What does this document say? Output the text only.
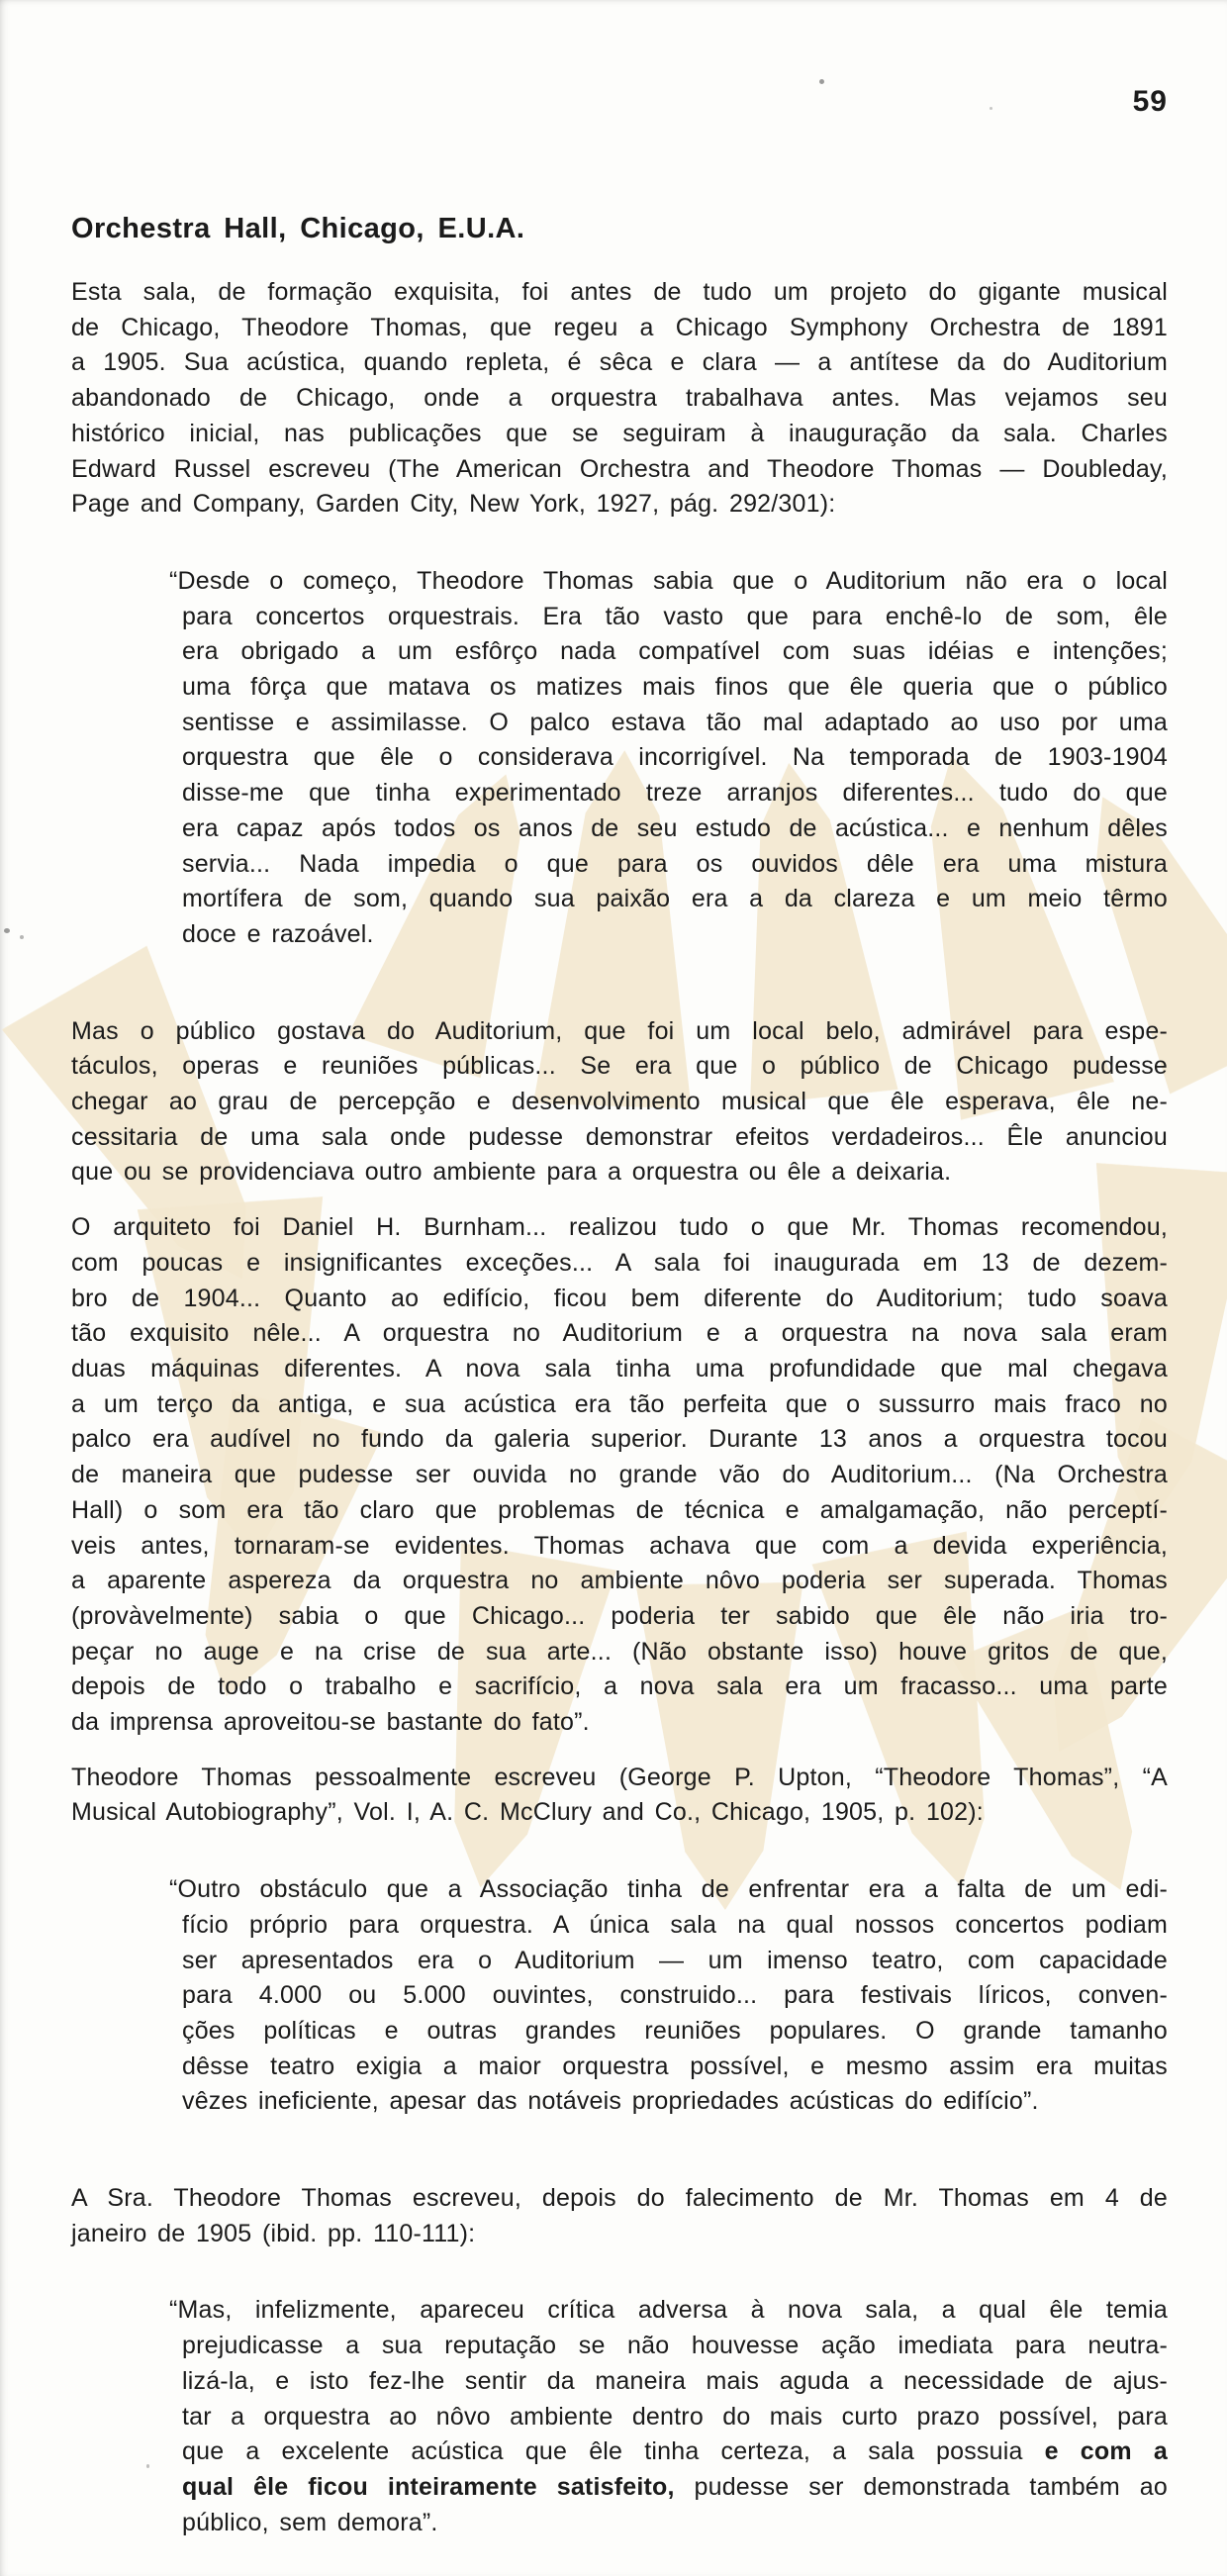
59
Orchestra Hall, Chicago, E.U.A.
Esta sala, de formação exquisita, foi antes de tudo um projeto do gigante musical
de Chicago, Theodore Thomas, que regeu a Chicago Symphony Orchestra de 1891
a 1905. Sua acústica, quando repleta, é sêca e clara — a antítese da do Auditorium
abandonado de Chicago, onde a orquestra trabalhava antes. Mas vejamos seu
histórico inicial, nas publicações que se seguiram à inauguração da sala. Charles
Edward Russel escreveu (The American Orchestra and Theodore Thomas — Doubleday,
Page and Company, Garden City, New York, 1927, pág. 292/301):
“Desde o começo, Theodore Thomas sabia que o Auditorium não era o local
para concertos orquestrais. Era tão vasto que para enchê-lo de som, êle
era obrigado a um esfôrço nada compatível com suas idéias e intenções;
uma fôrça que matava os matizes mais finos que êle queria que o público
sentisse e assimilasse. O palco estava tão mal adaptado ao uso por uma
orquestra que êle o considerava incorrigível. Na temporada de 1903-1904
disse-me que tinha experimentado treze arranjos diferentes... tudo do que
era capaz após todos os anos de seu estudo de acústica... e nenhum dêles
servia... Nada impedia o que para os ouvidos dêle era uma mistura
mortífera de som, quando sua paixão era a da clareza e um meio têrmo
doce e razoável.
Mas o público gostava do Auditorium, que foi um local belo, admirável para espe-
táculos, operas e reuniões públicas... Se era que o público de Chicago pudesse
chegar ao grau de percepção e desenvolvimento musical que êle esperava, êle ne-
cessitaria de uma sala onde pudesse demonstrar efeitos verdadeiros... Êle anunciou
que ou se providenciava outro ambiente para a orquestra ou êle a deixaria.
O arquiteto foi Daniel H. Burnham... realizou tudo o que Mr. Thomas recomendou,
com poucas e insignificantes exceções... A sala foi inaugurada em 13 de dezem-
bro de 1904... Quanto ao edifício, ficou bem diferente do Auditorium; tudo soava
tão exquisito nêle... A orquestra no Auditorium e a orquestra na nova sala eram
duas máquinas diferentes. A nova sala tinha uma profundidade que mal chegava
a um terço da antiga, e sua acústica era tão perfeita que o sussurro mais fraco no
palco era audível no fundo da galeria superior. Durante 13 anos a orquestra tocou
de maneira que pudesse ser ouvida no grande vão do Auditorium... (Na Orchestra
Hall) o som era tão claro que problemas de técnica e amalgamação, não perceptí-
veis antes, tornaram-se evidentes. Thomas achava que com a devida experiência,
a aparente aspereza da orquestra no ambiente nôvo poderia ser superada. Thomas
(provàvelmente) sabia o que Chicago... poderia ter sabido que êle não iria tro-
peçar no auge e na crise de sua arte... (Não obstante isso) houve gritos de que,
depois de todo o trabalho e sacrifício, a nova sala era um fracasso... uma parte
da imprensa aproveitou-se bastante do fato”.
Theodore Thomas pessoalmente escreveu (George P. Upton, “Theodore Thomas”, “A
Musical Autobiography”, Vol. I, A. C. McClury and Co., Chicago, 1905, p. 102):
“Outro obstáculo que a Associação tinha de enfrentar era a falta de um edi-
fício próprio para orquestra. A única sala na qual nossos concertos podiam
ser apresentados era o Auditorium — um imenso teatro, com capacidade
para 4.000 ou 5.000 ouvintes, construido... para festivais líricos, conven-
ções políticas e outras grandes reuniões populares. O grande tamanho
dêsse teatro exigia a maior orquestra possível, e mesmo assim era muitas
vêzes ineficiente, apesar das notáveis propriedades acústicas do edifício”.
A Sra. Theodore Thomas escreveu, depois do falecimento de Mr. Thomas em 4 de
janeiro de 1905 (ibid. pp. 110-111):
“Mas, infelizmente, apareceu crítica adversa à nova sala, a qual êle temia
prejudicasse a sua reputação se não houvesse ação imediata para neutra-
lizá-la, e isto fez-lhe sentir da maneira mais aguda a necessidade de ajus-
tar a orquestra ao nôvo ambiente dentro do mais curto prazo possível, para
que a excelente acústica que êle tinha certeza, a sala possuia e com a
qual êle ficou inteiramente satisfeito, pudesse ser demonstrada também ao
público, sem demora”.
